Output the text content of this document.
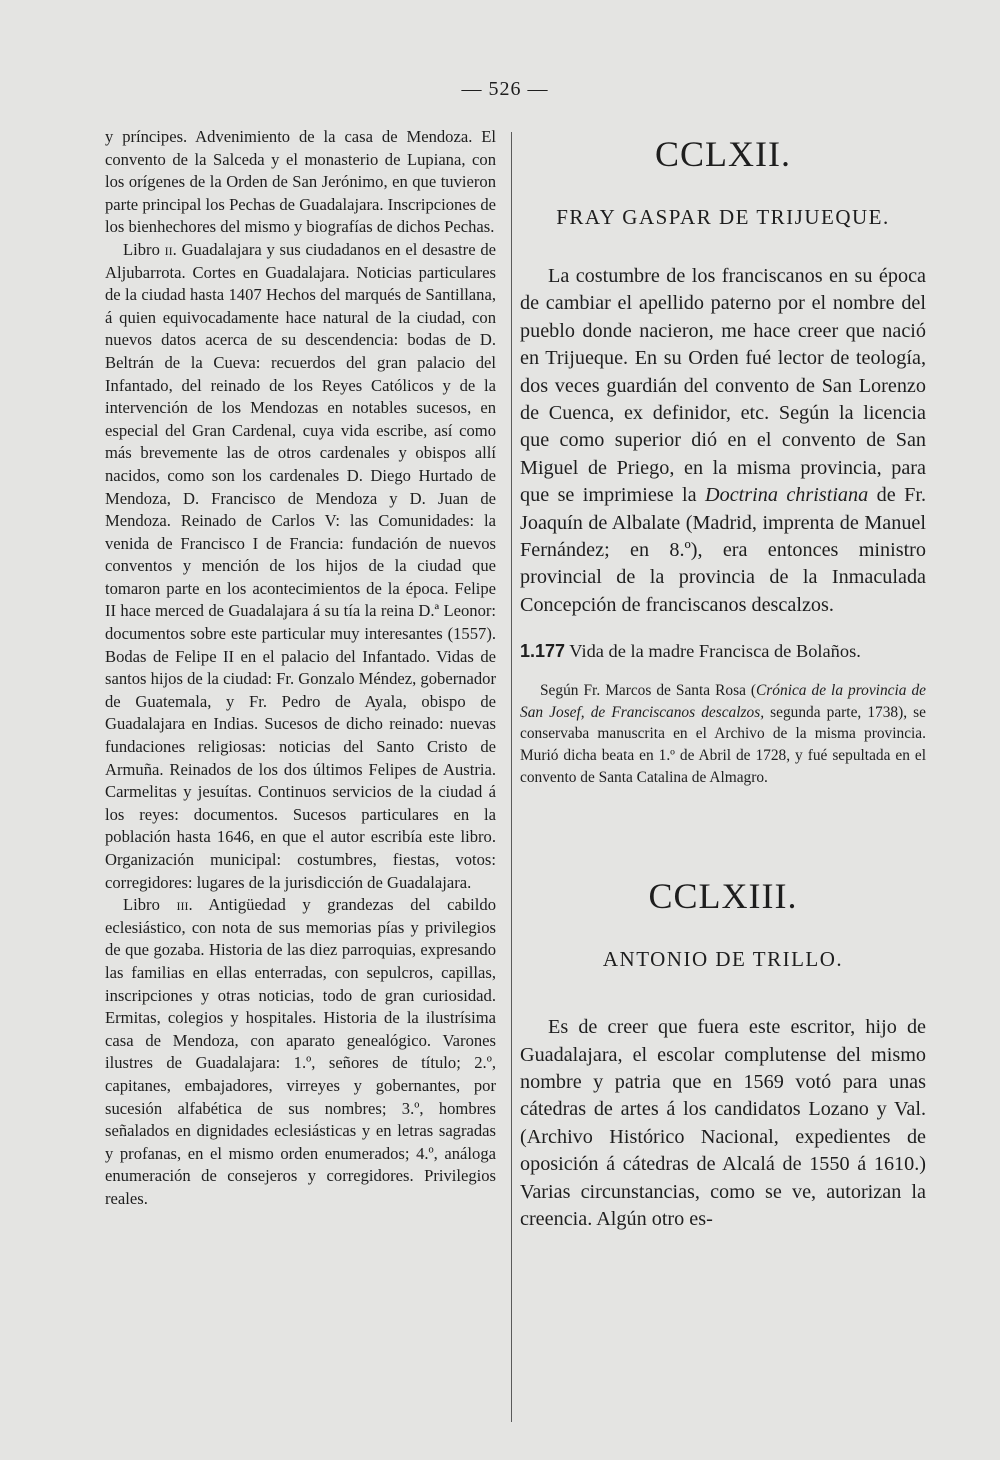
— 526 —

y príncipes. Advenimiento de la casa de Mendoza. El convento de la Salceda y el monasterio de Lupiana, con los orígenes de la Orden de San Jerónimo, en que tuvieron parte principal los Pechas de Guadalajara. Inscripciones de los bienhechores del mismo y biografías de dichos Pechas.

Libro ii. Guadalajara y sus ciudadanos en el desastre de Aljubarrota. Cortes en Guadalajara. Noticias particulares de la ciudad hasta 1407 Hechos del marqués de Santillana, á quien equivocadamente hace natural de la ciudad, con nuevos datos acerca de su descendencia: bodas de D. Beltrán de la Cueva: recuerdos del gran palacio del Infantado, del reinado de los Reyes Católicos y de la intervención de los Mendozas en notables sucesos, en especial del Gran Cardenal, cuya vida escribe, así como más brevemente las de otros cardenales y obispos allí nacidos, como son los cardenales D. Diego Hurtado de Mendoza, D. Francisco de Mendoza y D. Juan de Mendoza. Reinado de Carlos V: las Comunidades: la venida de Francisco I de Francia: fundación de nuevos conventos y mención de los hijos de la ciudad que tomaron parte en los acontecimientos de la época. Felipe II hace merced de Guadalajara á su tía la reina D.ª Leonor: documentos sobre este particular muy interesantes (1557). Bodas de Felipe II en el palacio del Infantado. Vidas de santos hijos de la ciudad: Fr. Gonzalo Méndez, gobernador de Guatemala, y Fr. Pedro de Ayala, obispo de Guadalajara en Indias. Sucesos de dicho reinado: nuevas fundaciones religiosas: noticias del Santo Cristo de Armuña. Reinados de los dos últimos Felipes de Austria. Carmelitas y jesuítas. Continuos servicios de la ciudad á los reyes: documentos. Sucesos particulares en la población hasta 1646, en que el autor escribía este libro. Organización municipal: costumbres, fiestas, votos: corregidores: lugares de la jurisdicción de Guadalajara.

Libro iii. Antigüedad y grandezas del cabildo eclesiástico, con nota de sus memorias pías y privilegios de que gozaba. Historia de las diez parroquias, expresando las familias en ellas enterradas, con sepulcros, capillas, inscripciones y otras noticias, todo de gran curiosidad. Ermitas, colegios y hospitales. Historia de la ilustrísima casa de Mendoza, con aparato genealógico. Varones ilustres de Guadalajara: 1.º, señores de título; 2.º, capitanes, embajadores, virreyes y gobernantes, por sucesión alfabética de sus nombres; 3.º, hombres señalados en dignidades eclesiásticas y en letras sagradas y profanas, en el mismo orden enumerados; 4.º, análoga enumeración de consejeros y corregidores. Privilegios reales.

CCLXII.
FRAY GASPAR DE TRIJUEQUE.

La costumbre de los franciscanos en su época de cambiar el apellido paterno por el nombre del pueblo donde nacieron, me hace creer que nació en Trijueque. En su Orden fué lector de teología, dos veces guardián del convento de San Lorenzo de Cuenca, ex definidor, etc. Según la licencia que como superior dió en el convento de San Miguel de Priego, en la misma provincia, para que se imprimiese la Doctrina christiana de Fr. Joaquín de Albalate (Madrid, imprenta de Manuel Fernández; en 8.º), era entonces ministro provincial de la provincia de la Inmaculada Concepción de franciscanos descalzos.

1.177 Vida de la madre Francisca de Bolaños.

Según Fr. Marcos de Santa Rosa (Crónica de la provincia de San Josef, de Franciscanos descalzos, segunda parte, 1738), se conservaba manuscrita en el Archivo de la misma provincia. Murió dicha beata en 1.º de Abril de 1728, y fué sepultada en el convento de Santa Catalina de Almagro.

CCLXIII.
ANTONIO DE TRILLO.

Es de creer que fuera este escritor, hijo de Guadalajara, el escolar complutense del mismo nombre y patria que en 1569 votó para unas cátedras de artes á los candidatos Lozano y Val. (Archivo Histórico Nacional, expedientes de oposición á cátedras de Alcalá de 1550 á 1610.) Varias circunstancias, como se ve, autorizan la creencia. Algún otro es-
